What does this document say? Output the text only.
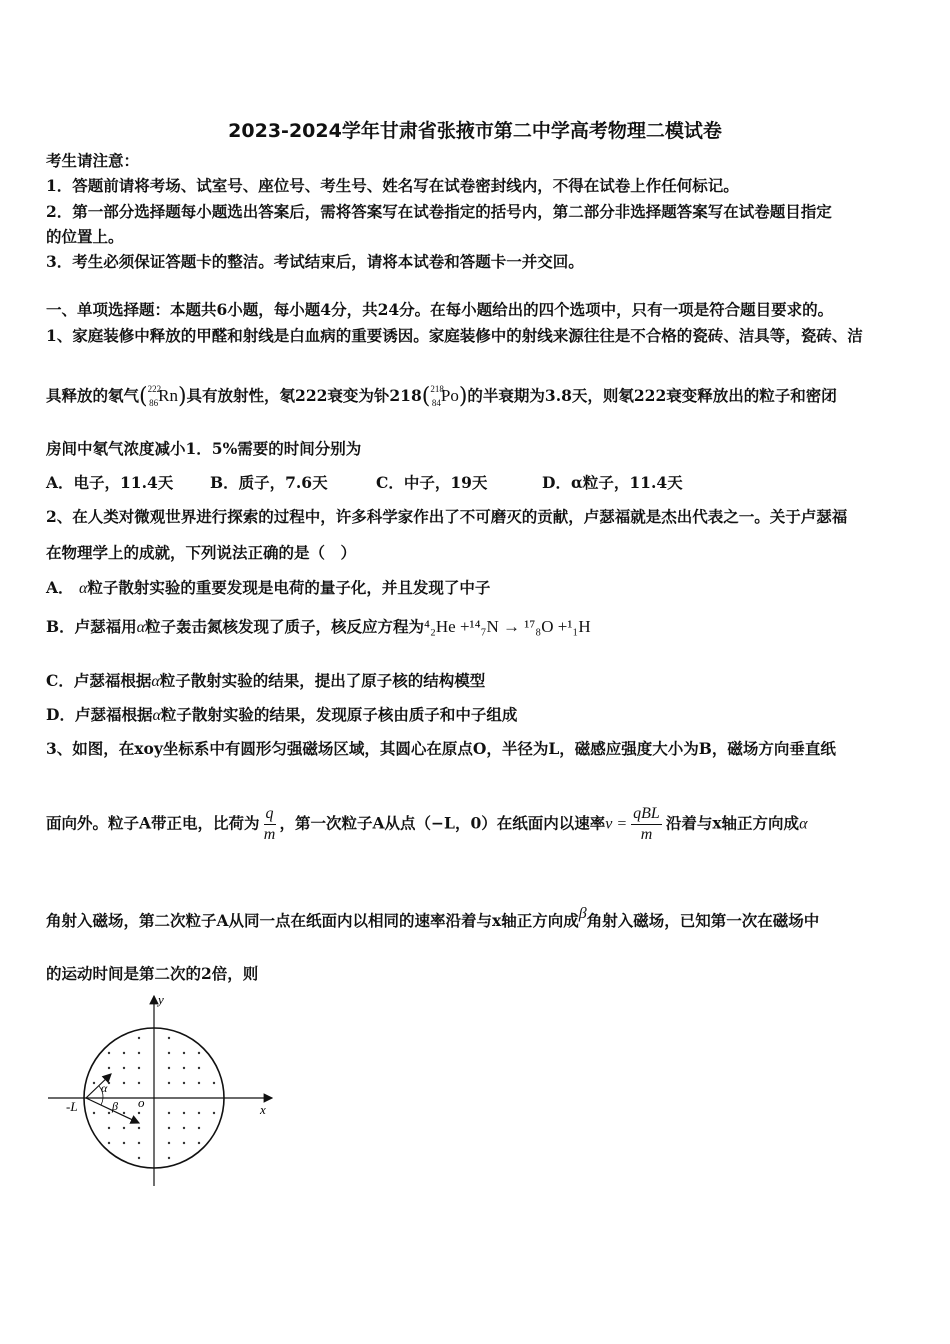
2023-2024学年甘肃省张掖市第二中学高考物理二模试卷
考生请注意：
1．答题前请将考场、试室号、座位号、考生号、姓名写在试卷密封线内，不得在试卷上作任何标记。
2．第一部分选择题每小题选出答案后，需将答案写在试卷指定的括号内，第二部分非选择题答案写在试卷题目指定
的位置上。
3．考生必须保证答题卡的整洁。考试结束后，请将本试卷和答题卡一并交回。
一、单项选择题：本题共6小题，每小题4分，共24分。在每小题给出的四个选项中，只有一项是符合题目要求的。
1、家庭装修中释放的甲醛和射线是白血病的重要诱因。家庭装修中的射线来源往往是不合格的瓷砖、洁具等，瓷砖、洁
具释放的氡气($^{222}_{86}$Rn)具有放射性，氡222衰变为钋218($^{218}_{84}$Po)的半衰期为3.8天，则氡222衰变释放出的粒子和密闭
房间中氡气浓度减小1．5%需要的时间分别为
A．电子，11.4天 B．质子，7.6天	C．中子，19天	D．α粒子，11.4天
2、在人类对微观世界进行探索的过程中，许多科学家作出了不可磨灭的贡献，卢瑟福就是杰出代表之一。关于卢瑟福
在物理学上的成就，下列说法正确的是（　）
A． α粒子散射实验的重要发现是电荷的量子化，并且发现了中子
B．卢瑟福用α粒子轰击氮核发现了质子，核反应方程为⁴₂He +¹⁴₇N → ¹⁷₈O +¹₁H
C．卢瑟福根据α粒子散射实验的结果，提出了原子核的结构模型
D．卢瑟福根据α粒子散射实验的结果，发现原子核由质子和中子组成
3、如图，在xoy坐标系中有圆形匀强磁场区域，其圆心在原点O，半径为L，磁感应强度大小为B，磁场方向垂直纸
面向外。粒子A带正电，比荷为 $\frac{q}{m}$ ，第一次粒子A从点（−L，0）在纸面内以速率$v = \frac{\text{qBL}}{m}$ 沿着与x轴正方向成α
角射入磁场，第二次粒子A从同一点在纸面内以相同的速率沿着与x轴正方向成β角射入磁场，已知第一次在磁场中
的运动时间是第二次的2倍，则
y
x
o
-L
α
β
